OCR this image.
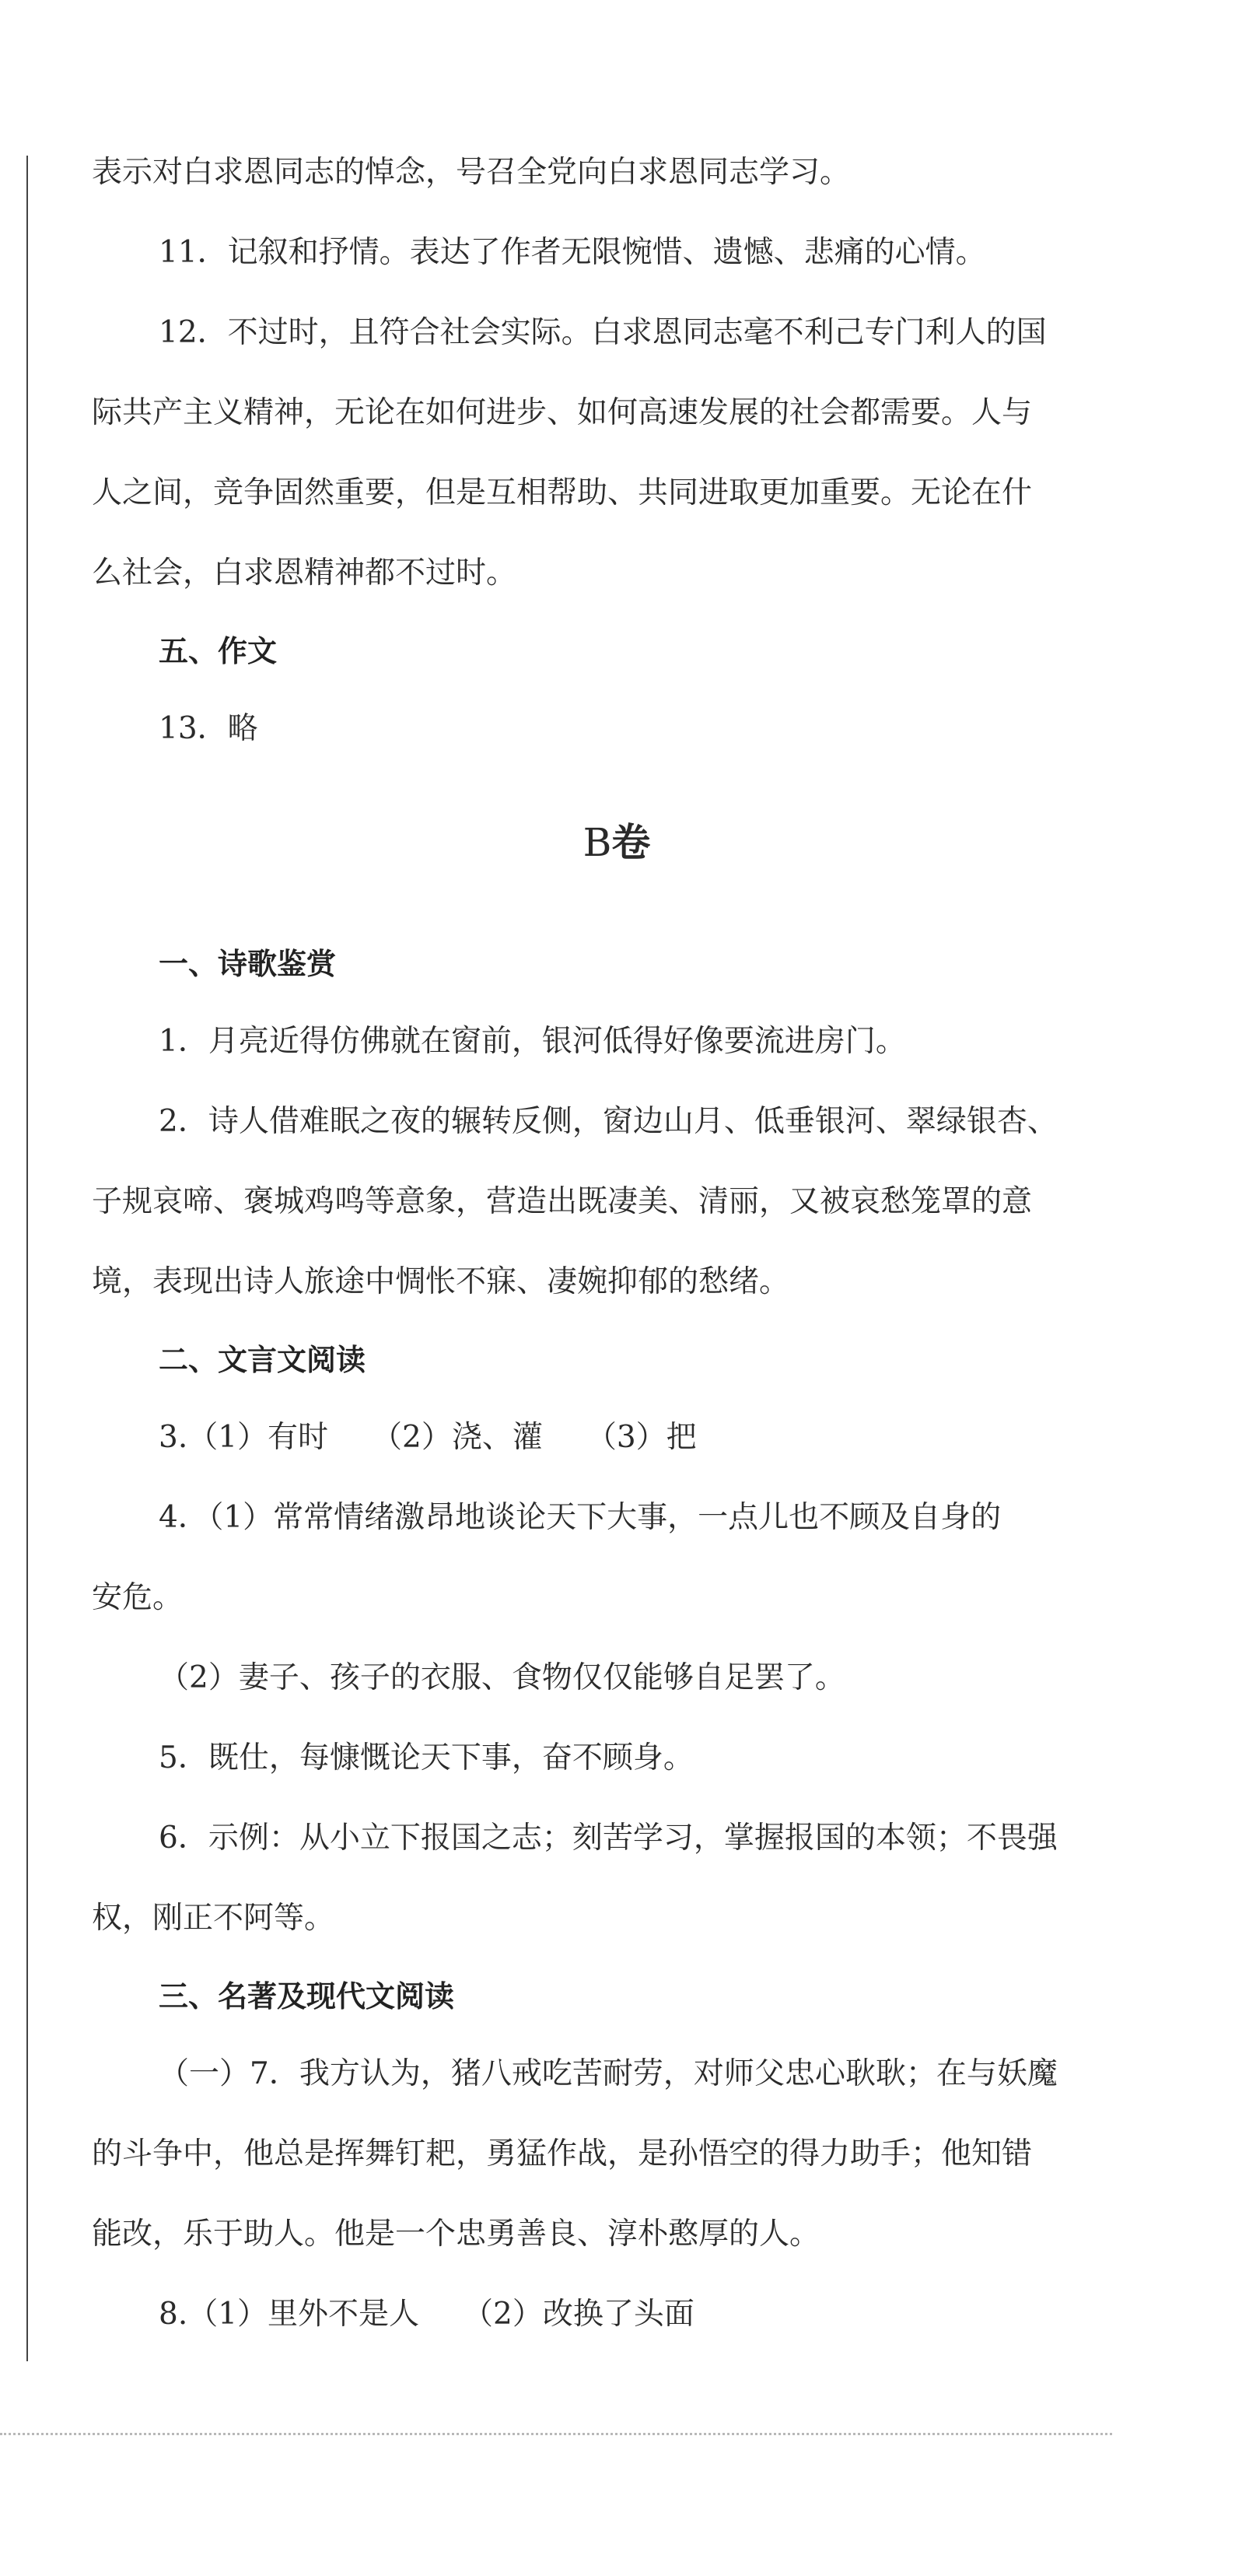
表示对白求恩同志的悼念，号召全党向白求恩同志学习。
11．记叙和抒情。表达了作者无限惋惜、遗憾、悲痛的心情。
12．不过时，且符合社会实际。白求恩同志毫不利己专门利人的国
际共产主义精神，无论在如何进步、如何高速发展的社会都需要。人与
人之间，竞争固然重要，但是互相帮助、共同进取更加重要。无论在什
么社会，白求恩精神都不过时。
五、作文
13．略
B卷
一、诗歌鉴赏
1．月亮近得仿佛就在窗前，银河低得好像要流进房门。
2．诗人借难眠之夜的辗转反侧，窗边山月、低垂银河、翠绿银杏、
子规哀啼、褒城鸡鸣等意象，营造出既凄美、清丽，又被哀愁笼罩的意
境，表现出诗人旅途中惆怅不寐、凄婉抑郁的愁绪。
二、文言文阅读
3.（1）有时 （2）浇、灌 （3）把
4．（1）常常情绪激昂地谈论天下大事，一点儿也不顾及自身的
安危。
（2）妻子、孩子的衣服、食物仅仅能够自足罢了。
5．既仕，每慷慨论天下事，奋不顾身。
6．示例：从小立下报国之志；刻苦学习，掌握报国的本领；不畏强
权，刚正不阿等。
三、名著及现代文阅读
（一）7．我方认为，猪八戒吃苦耐劳，对师父忠心耿耿；在与妖魔
的斗争中，他总是挥舞钉耙，勇猛作战，是孙悟空的得力助手；他知错
能改，乐于助人。他是一个忠勇善良、淳朴憨厚的人。
8.（1）里外不是人 （2）改换了头面
